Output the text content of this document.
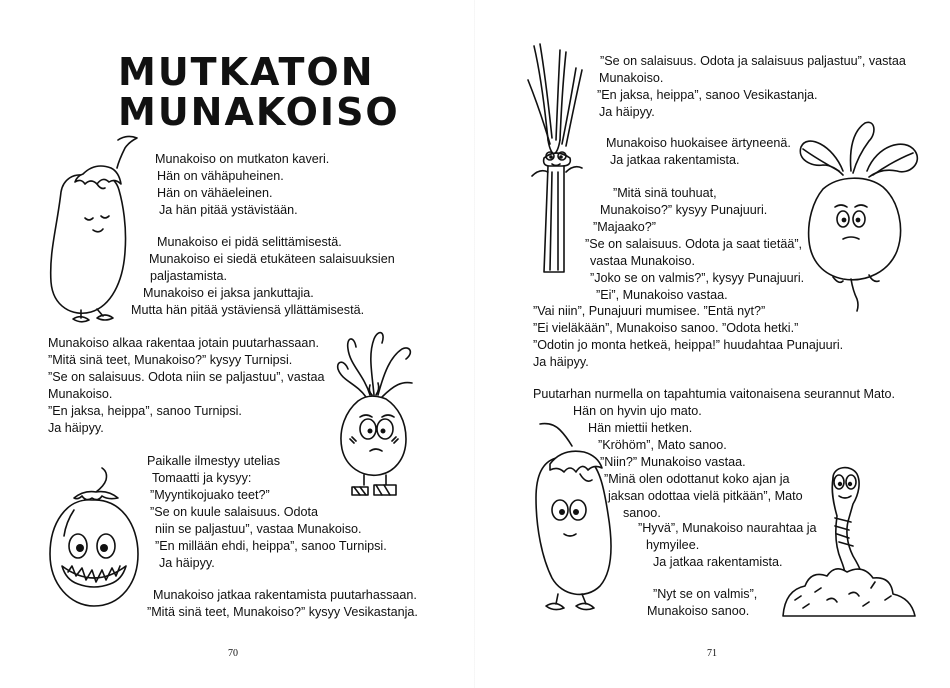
MUTKATON
MUNAKOISO
Munakoiso on mutkaton kaveri.
Hän on vähäpuheinen.
Hän on vähäeleinen.
Ja hän pitää ystävistään.
Munakoiso ei pidä selittämisestä.
Munakoiso ei siedä etukäteen salaisuuksien
paljastamista.
Munakoiso ei jaksa jankuttajia.
Mutta hän pitää ystäviensä yllättämisestä.
Munakoiso alkaa rakentaa jotain puutarhassaan.
”Mitä sinä teet, Munakoiso?” kysyy Turnipsi.
”Se on salaisuus. Odota niin se paljastuu”, vastaa
Munakoiso.
”En jaksa, heippa”, sanoo Turnipsi.
Ja häipyy.
Paikalle ilmestyy utelias
Tomaatti ja kysyy:
”Myyntikojuako teet?”
”Se on kuule salaisuus. Odota
niin se paljastuu”, vastaa Munakoiso.
”En millään ehdi, heippa”, sanoo Turnipsi.
Ja häipyy.
Munakoiso jatkaa rakentamista puutarhassaan.
”Mitä sinä teet, Munakoiso?” kysyy Vesikastanja.
70
”Se on salaisuus. Odota ja salaisuus paljastuu”, vastaa
Munakoiso.
”En jaksa, heippa”, sanoo Vesikastanja.
Ja häipyy.
Munakoiso huokaisee ärtyneenä.
Ja jatkaa rakentamista.
”Mitä sinä touhuat,
Munakoiso?” kysyy Punajuuri.
”Majaako?”
”Se on salaisuus. Odota ja saat tietää”,
vastaa Munakoiso.
”Joko se on valmis?”, kysyy Punajuuri.
”Ei”, Munakoiso vastaa.
”Vai niin”, Punajuuri mumisee. ”Entä nyt?”
”Ei vieläkään”, Munakoiso sanoo. ”Odota hetki.”
”Odotin jo monta hetkeä, heippa!” huudahtaa Punajuuri.
Ja häipyy.
Puutarhan nurmella on tapahtumia vaitonaisena seurannut Mato.
Hän on hyvin ujo mato.
Hän miettii hetken.
”Kröhöm”, Mato sanoo.
”Niin?” Munakoiso vastaa.
”Minä olen odottanut koko ajan ja
jaksan odottaa vielä pitkään”, Mato
sanoo.
”Hyvä”, Munakoiso naurahtaa ja
hymyilee.
Ja jatkaa rakentamista.
”Nyt se on valmis”,
Munakoiso sanoo.
71
